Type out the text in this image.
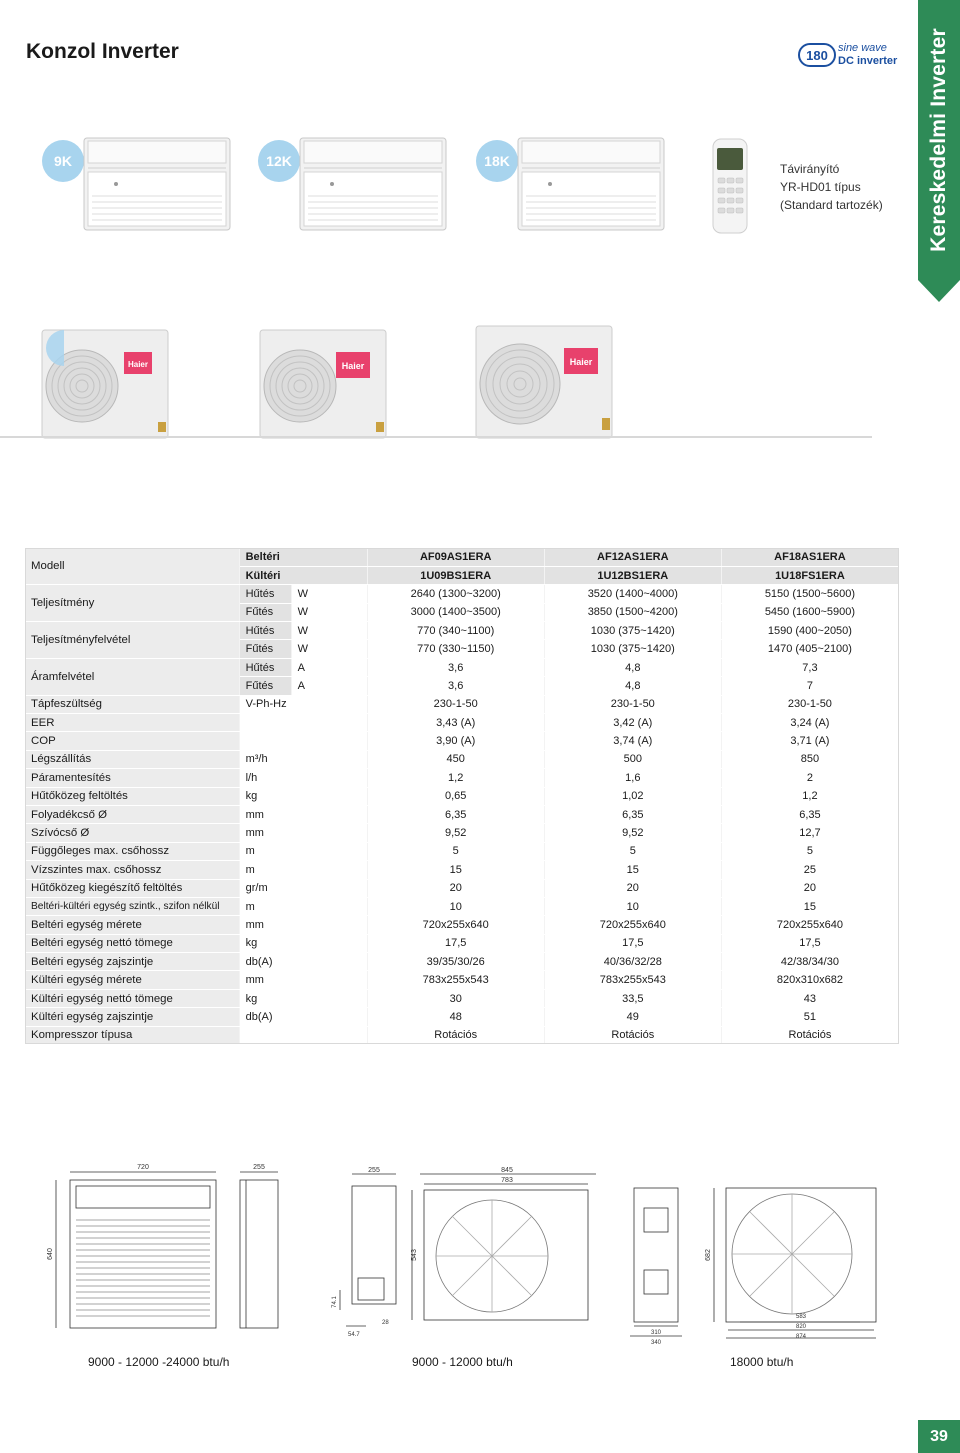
Konzol Inverter	180 sine wave
DC inverter	Kereskedelmi Inverter
9K	12K	18K	Távirányító
YR-HD01 típus
(Standard tartozék)
Haier	Haier	Haier
Modell	Beltéri		AF09AS1ERA	AF12AS1ERA	AF18AS1ERA
	Kültéri		1U09BS1ERA	1U12BS1ERA	1U18FS1ERA
Teljesítmény	Hűtés	W	2640 (1300~3200)	3520 (1400~4000)	5150 (1500~5600)
	Fűtés	W	3000 (1400~3500)	3850 (1500~4200)	5450 (1600~5900)
Teljesítményfelvétel	Hűtés	W	770 (340~1100)	1030 (375~1420)	1590 (400~2050)
	Fűtés	W	770 (330~1150)	1030 (375~1420)	1470 (405~2100)
Áramfelvétel	Hűtés	A	3,6	4,8	7,3
	Fűtés	A	3,6	4,8	7
Tápfeszültség	V-Ph-Hz		230-1-50	230-1-50	230-1-50
EER			3,43 (A)	3,42 (A)	3,24 (A)
COP			3,90 (A)	3,74 (A)	3,71 (A)
Légszállítás	m³/h		450	500	850
Páramentesítés	l/h		1,2	1,6	2
Hűtőközeg feltöltés	kg		0,65	1,02	1,2
Folyadékcső Ø	mm		6,35	6,35	6,35
Szívócső Ø	mm		9,52	9,52	12,7
Függőleges max. csőhossz	m		5	5	5
Vízszintes max. csőhossz	m		15	15	25
Hűtőközeg kiegészítő feltöltés	gr/m		20	20	20
Beltéri-kültéri egység szintk., szifon nélkül	m		10	10	15
Beltéri egység mérete	mm		720x255x640	720x255x640	720x255x640
Beltéri egység nettó tömege	kg		17,5	17,5	17,5
Beltéri egység zajszintje	db(A)		39/35/30/26	40/36/32/28	42/38/34/30
Kültéri egység mérete	mm		783x255x543	783x255x543	820x310x682
Kültéri egység nettó tömege	kg		30	33,5	43
Kültéri egység zajszintje	db(A)		48	49	51
Kompresszor típusa			Rotációs	Rotációs	Rotációs
720
640
255	255
74.1
54.7
28
845
783
543
310
340
682
583
820
874
9000 - 12000 -24000 btu/h	9000 - 12000 btu/h	18000 btu/h
39
